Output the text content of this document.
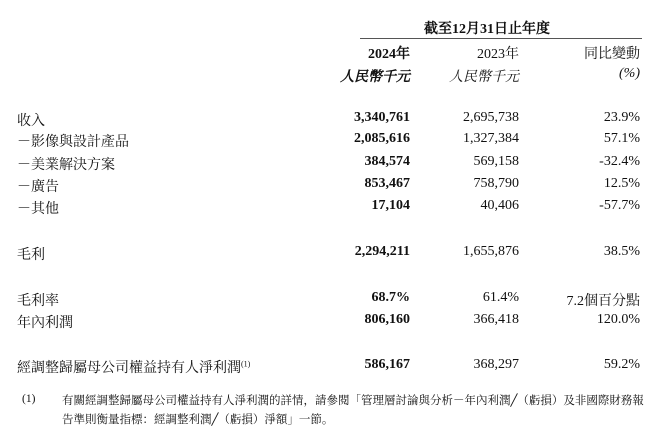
截至12月31日止年度
2024年	2023年	同比變動
人民幣千元	人民幣千元	(%)
收入	3,340,761	2,695,738	23.9%
－影像與設計產品	2,085,616	1,327,384	57.1%
－美業解決方案	384,574	569,158	-32.4%
－廣告	853,467	758,790	12.5%
－其他	17,104	40,406	-57.7%
毛利	2,294,211	1,655,876	38.5%
毛利率	68.7%	61.4%	7.2個百分點
年內利潤	806,160	366,418	120.0%
經調整歸屬母公司權益持有人淨利潤$^{(1)}$	586,167	368,297	59.2%
(1) 有關經調整歸屬母公司權益持有人淨利潤的詳情，請參閱「管理層討論與分析－年內利潤╱（虧損）及非國際財務報告準則衡量指標：經調整利潤╱（虧損）淨額」一節。
